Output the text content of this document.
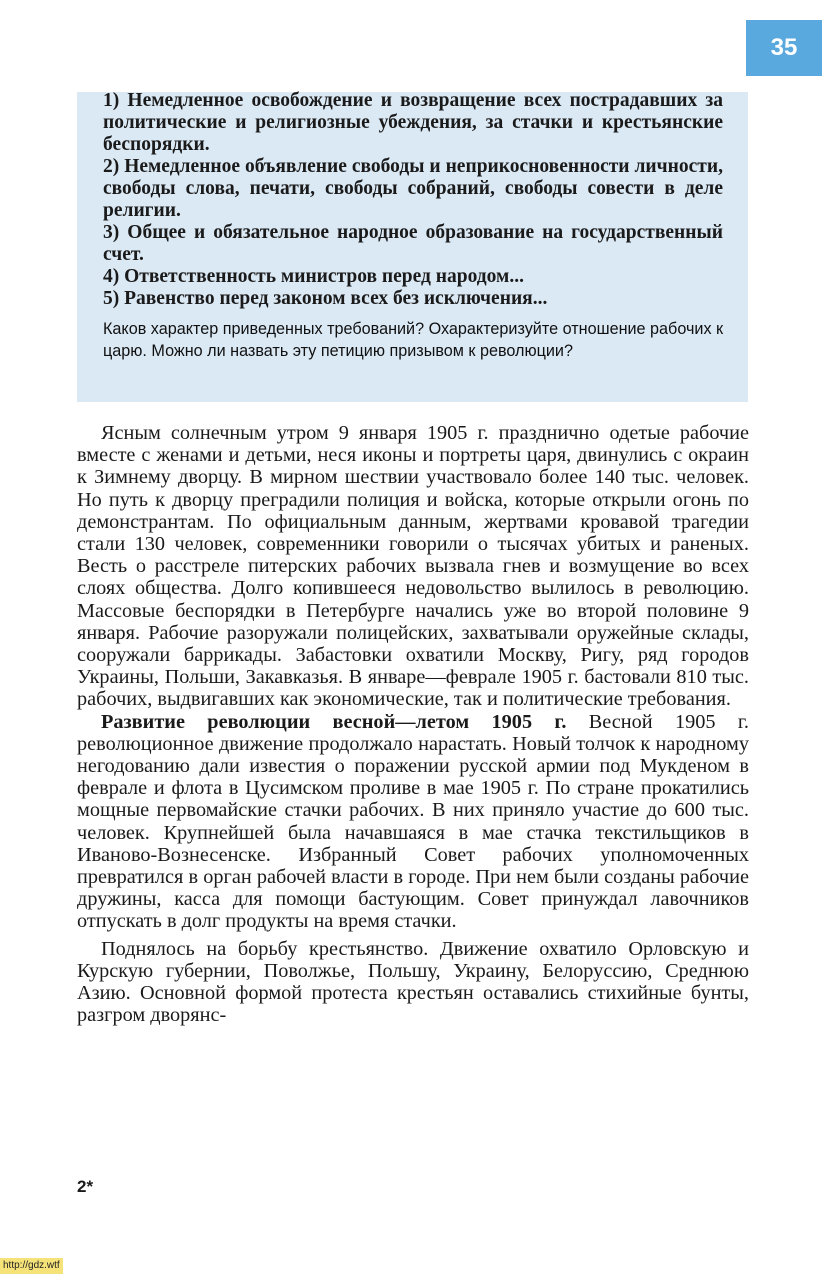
35

1) Немедленное освобождение и возвращение всех пострадавших за политические и религиозные убеждения, за стачки и крестьянские беспорядки.

2) Немедленное объявление свободы и неприкосновенности личности, свободы слова, печати, свободы собраний, свободы совести в деле религии.

3) Общее и обязательное народное образование на государственный счет.

4) Ответственность министров перед народом...

5) Равенство перед законом всех без исключения...

Каков характер приведенных требований? Охарактеризуйте отношение рабочих к царю. Можно ли назвать эту петицию призывом к революции?

Ясным солнечным утром 9 января 1905 г. празднично одетые рабочие вместе с женами и детьми, неся иконы и портреты царя, двинулись с окраин к Зимнему дворцу. В мирном шествии участвовало более 140 тыс. человек. Но путь к дворцу преградили полиция и войска, которые открыли огонь по демонстрантам. По официальным данным, жертвами кровавой трагедии стали 130 человек, современники говорили о тысячах убитых и раненых. Весть о расстреле питерских рабочих вызвала гнев и возмущение во всех слоях общества. Долго копившееся недовольство вылилось в революцию. Массовые беспорядки в Петербурге начались уже во второй половине 9 января. Рабочие разоружали полицейских, захватывали оружейные склады, сооружали баррикады. Забастовки охватили Москву, Ригу, ряд городов Украины, Польши, Закавказья. В январе—феврале 1905 г. бастовали 810 тыс. рабочих, выдвигавших как экономические, так и политические требования.

Развитие революции весной—летом 1905 г. Весной 1905 г. революционное движение продолжало нарастать. Новый толчок к народному негодованию дали известия о поражении русской армии под Мукденом в феврале и флота в Цусимском проливе в мае 1905 г. По стране прокатились мощные первомайские стачки рабочих. В них приняло участие до 600 тыс. человек. Крупнейшей была начавшаяся в мае стачка текстильщиков в Иваново-Вознесенске. Избранный Совет рабочих уполномоченных превратился в орган рабочей власти в городе. При нем были созданы рабочие дружины, касса для помощи бастующим. Совет принуждал лавочников отпускать в долг продукты на время стачки.

Поднялось на борьбу крестьянство. Движение охватило Орловскую и Курскую губернии, Поволжье, Польшу, Украину, Белоруссию, Среднюю Азию. Основной формой протеста крестьян оставались стихийные бунты, разгром дворянс-

2*
http://gdz.wtf
